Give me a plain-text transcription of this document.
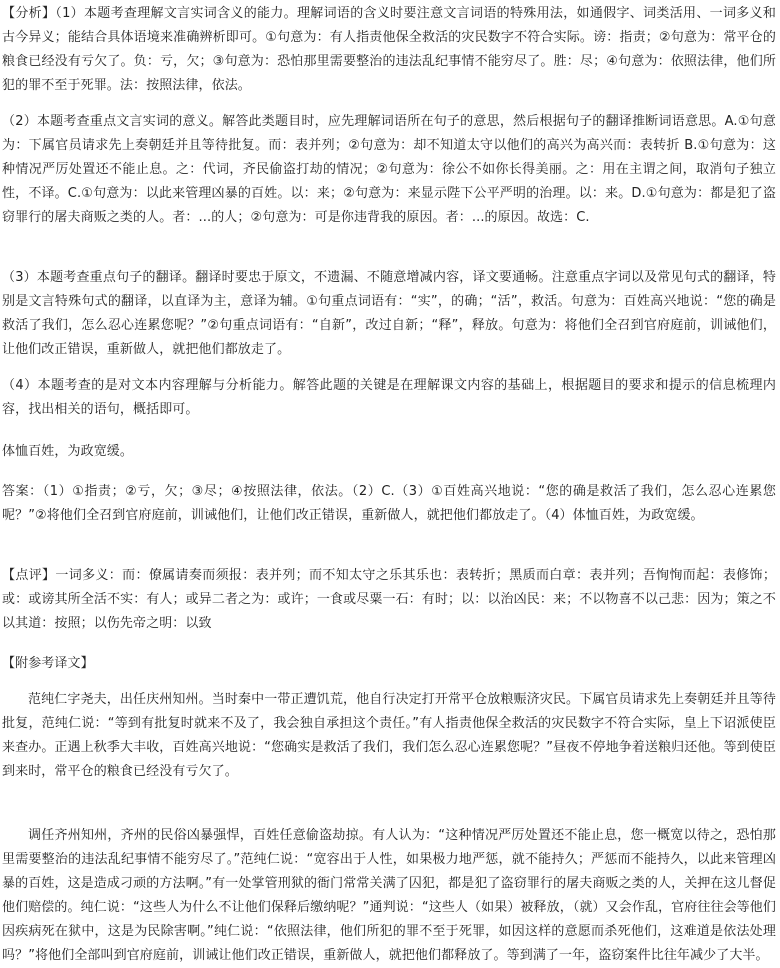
【分析】（1）本题考查理解文言实词含义的能力。理解词语的含义时要注意文言词语的特殊用法，如通假字、词类活用、一词多义和古今异义；能结合具体语境来准确辨析即可。①句意为：有人指责他保全救活的灾民数字不符合实际。谤：指责；②句意为：常平仓的粮食已经没有亏欠了。负：亏，欠；③句意为：恐怕那里需要整治的违法乱纪事情不能穷尽了。胜：尽；④句意为：依照法律，他们所犯的罪不至于死罪。法：按照法律，依法。

（2）本题考查重点文言实词的意义。解答此类题目时，应先理解词语所在句子的意思，然后根据句子的翻译推断词语意思。A.①句意为：下属官员请求先上奏朝廷并且等待批复。而：表并列；②句意为：却不知道太守以他们的高兴为高兴而：表转折 B.①句意为：这种情况严厉处置还不能止息。之：代词，齐民偷盗打劫的情况；②句意为：徐公不如你长得美丽。之：用在主谓之间，取消句子独立性，不译。C.①句意为：以此来管理凶暴的百姓。以：来；②句意为：来显示陛下公平严明的治理。以：来。D.①句意为：都是犯了盗窃罪行的屠夫商贩之类的人。者：...的人；②句意为：可是你违背我的原因。者：...的原因。故选：C.

（3）本题考查重点句子的翻译。翻译时要忠于原文，不遗漏、不随意增减内容，译文要通畅。注意重点字词以及常见句式的翻译，特别是文言特殊句式的翻译，以直译为主，意译为辅。①句重点词语有：“实”，的确；“活”，救活。句意为：百姓高兴地说：“您的确是救活了我们，怎么忍心连累您呢？”②句重点词语有：“自新”，改过自新；“释”，释放。句意为：将他们全召到官府庭前，训诫他们，让他们改正错误，重新做人，就把他们都放走了。

（4）本题考查的是对文本内容理解与分析能力。解答此题的关键是在理解课文内容的基础上，根据题目的要求和提示的信息梳理内容，找出相关的语句，概括即可。

体恤百姓，为政宽缓。

答案：（1）①指责；②亏，欠；③尽；④按照法律，依法。（2）C.（3）①百姓高兴地说：“您的确是救活了我们，怎么忍心连累您呢？”②将他们全召到官府庭前，训诫他们，让他们改正错误，重新做人，就把他们都放走了。（4）体恤百姓，为政宽缓。

【点评】一词多义：而：僚属请奏而须报：表并列；而不知太守之乐其乐也：表转折；黑质而白章：表并列；吾恂恂而起：表修饰；或：或谤其所全活不实：有人；或异二者之为：或许；一食或尽粟一石：有时；以：以治凶民：来；不以物喜不以己悲：因为；策之不以其道：按照；以伤先帝之明：以致

【附参考译文】

范纯仁字尧夫，出任庆州知州。当时秦中一带正遭饥荒，他自行决定打开常平仓放粮赈济灾民。下属官员请求先上奏朝廷并且等待批复，范纯仁说：“等到有批复时就来不及了，我会独自承担这个责任。”有人指责他保全救活的灾民数字不符合实际，皇上下诏派使臣来查办。正遇上秋季大丰收，百姓高兴地说：“您确实是救活了我们，我们怎么忍心连累您呢？”昼夜不停地争着送粮归还他。等到使臣到来时，常平仓的粮食已经没有亏欠了。

调任齐州知州，齐州的民俗凶暴强悍，百姓任意偷盗劫掠。有人认为：“这种情况严厉处置还不能止息，您一概宽以待之，恐怕那里需要整治的违法乱纪事情不能穷尽了。”范纯仁说：“宽容出于人性，如果极力地严惩，就不能持久；严惩而不能持久，以此来管理凶暴的百姓，这是造成刁顽的方法啊。”有一处掌管刑狱的衙门常常关满了囚犯，都是犯了盗窃罪行的屠夫商贩之类的人，关押在这儿督促他们赔偿的。纯仁说：“这些人为什么不让他们保释后缴纳呢？”通判说：“这些人（如果）被释放，（就）又会作乱，官府往往会等他们因疾病死在狱中，这是为民除害啊。”纯仁说：“依照法律，他们所犯的罪不至于死罪，如因这样的意愿而杀死他们，这难道是依法处理吗？”将他们全部叫到官府庭前，训诫让他们改正错误，重新做人，就把他们都释放了。等到满了一年，盗窃案件比往年减少了大半。
